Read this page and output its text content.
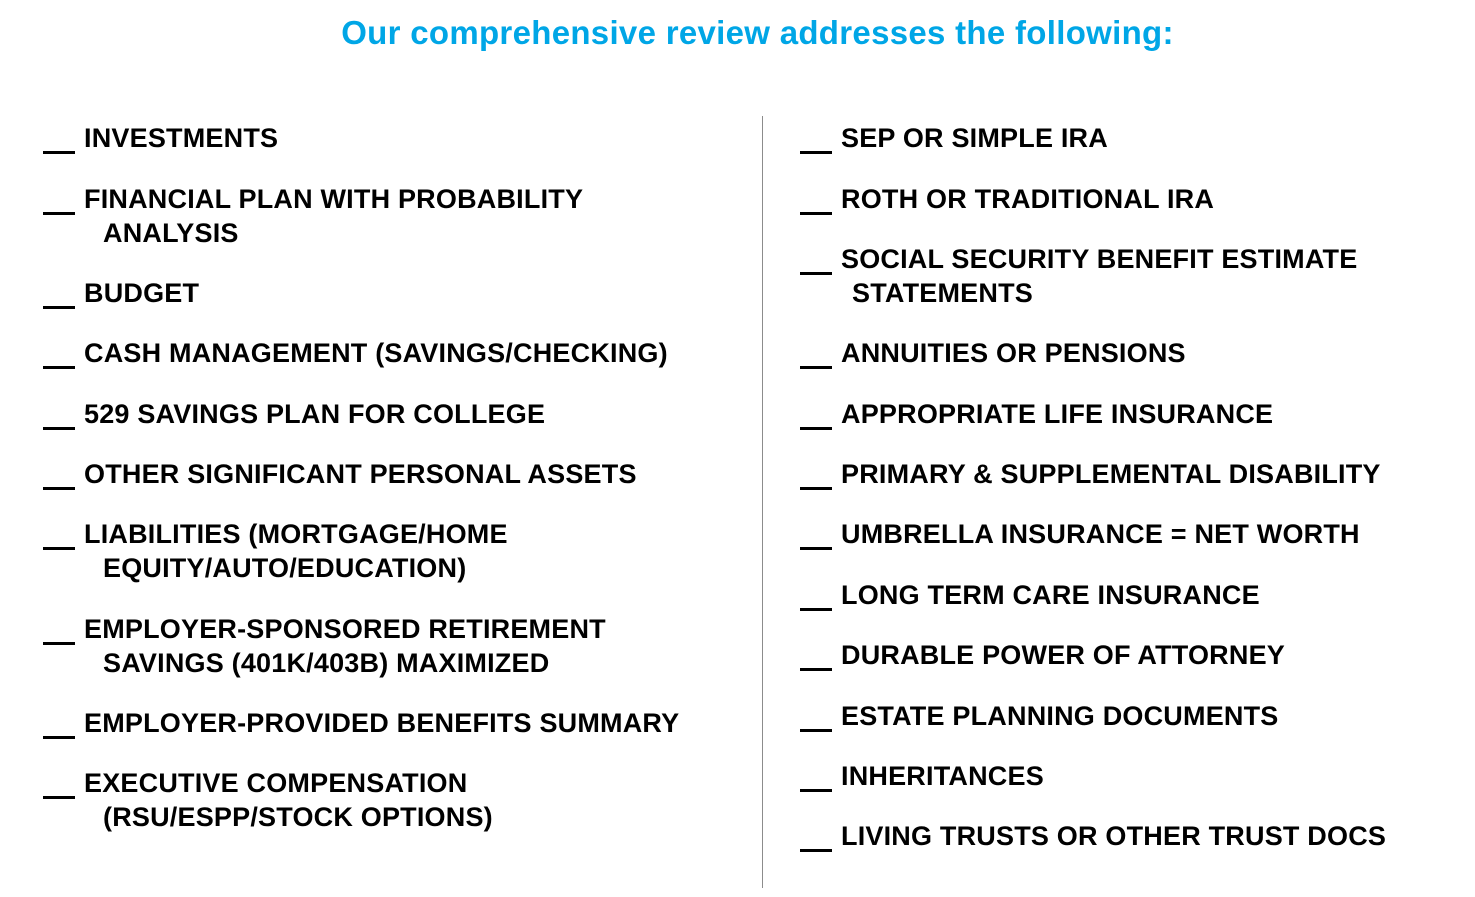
Our comprehensive review addresses the following:
INVESTMENTS
FINANCIAL PLAN WITH PROBABILITY
ANALYSIS
BUDGET
CASH MANAGEMENT (SAVINGS/CHECKING)
529 SAVINGS PLAN FOR COLLEGE
OTHER SIGNIFICANT PERSONAL ASSETS
LIABILITIES (MORTGAGE/HOME
EQUITY/AUTO/EDUCATION)
EMPLOYER-SPONSORED RETIREMENT
SAVINGS (401K/403B) MAXIMIZED
EMPLOYER-PROVIDED BENEFITS SUMMARY
EXECUTIVE COMPENSATION
(RSU/ESPP/STOCK OPTIONS)
SEP OR SIMPLE IRA
ROTH OR TRADITIONAL IRA
SOCIAL SECURITY BENEFIT ESTIMATE
STATEMENTS
ANNUITIES OR PENSIONS
APPROPRIATE LIFE INSURANCE
PRIMARY & SUPPLEMENTAL DISABILITY
UMBRELLA INSURANCE = NET WORTH
LONG TERM CARE INSURANCE
DURABLE POWER OF ATTORNEY
ESTATE PLANNING DOCUMENTS
INHERITANCES
LIVING TRUSTS OR OTHER TRUST DOCS
